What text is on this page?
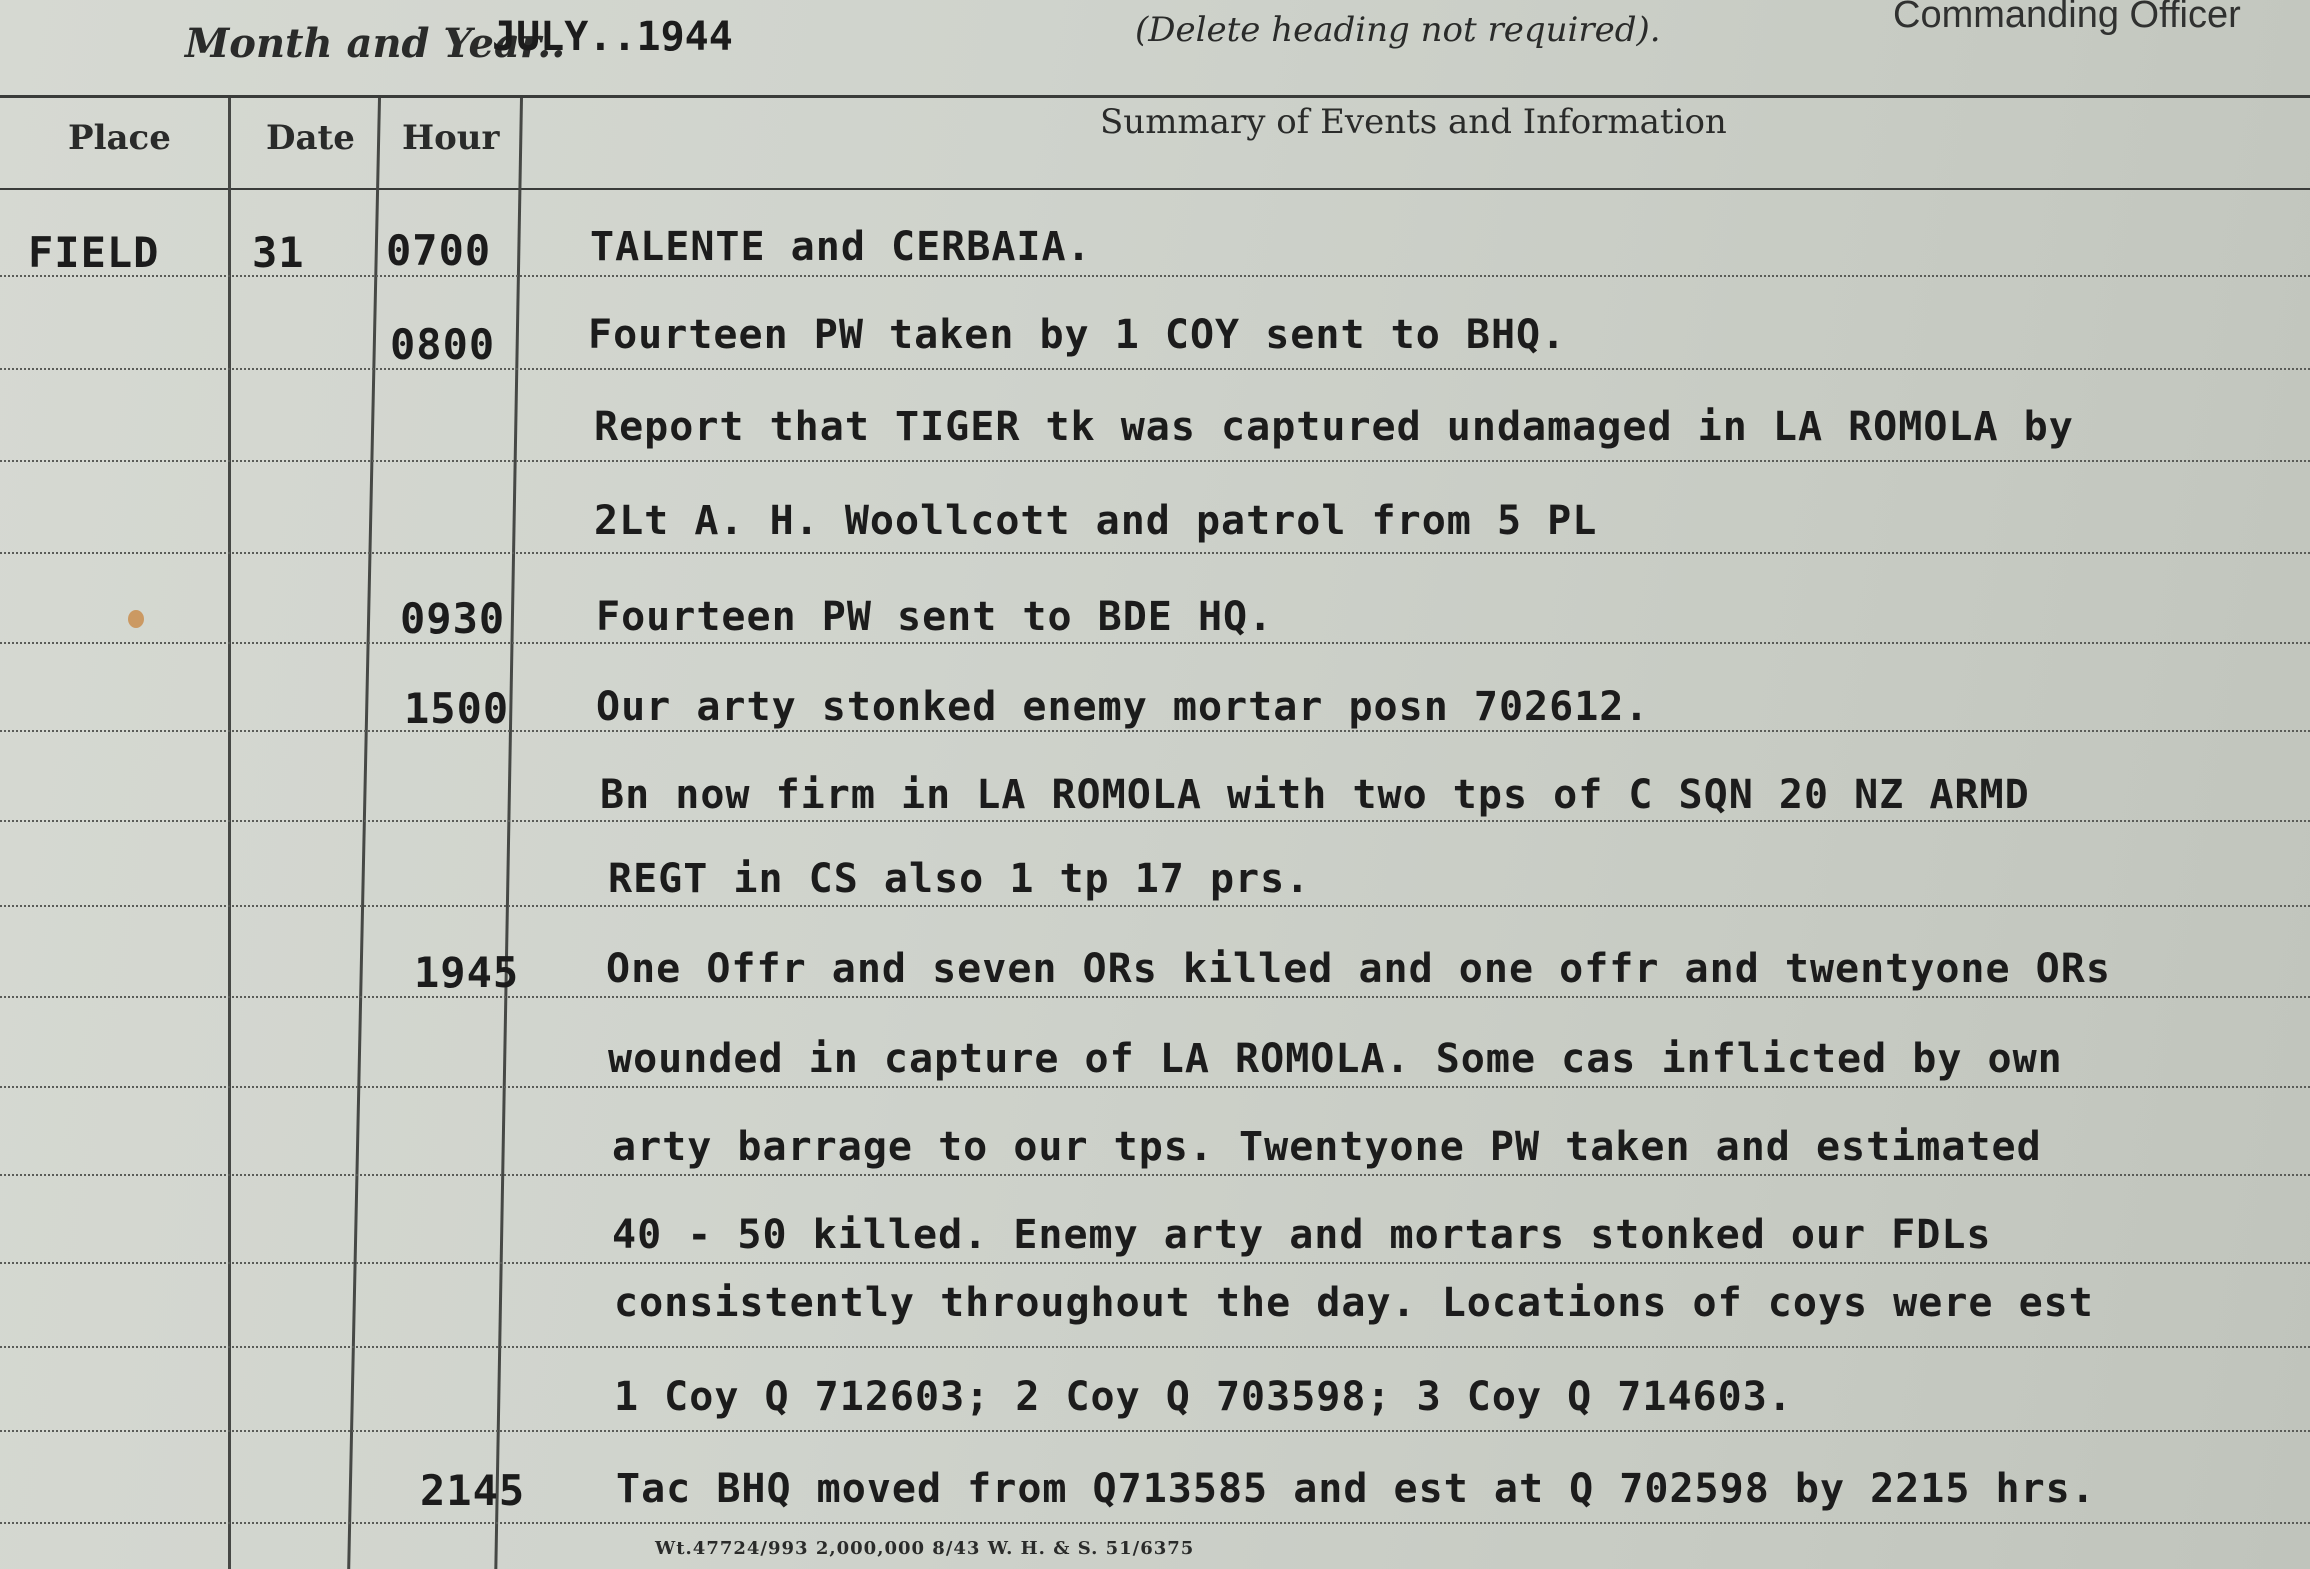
Month and Year..
JULY..1944	(Delete heading not required).	Commanding Officer
Place	Date Hour	Summary of Events and Information
FIELD 31 0700 TALENTE and CERBAIA.
0800 Fourteen PW taken by 1 COY sent to BHQ.
Report that TIGER tk was captured undamaged in LA ROMOLA by
2Lt A. H. Woollcott and patrol from 5 PL
0930 Fourteen PW sent to BDE HQ.
1500 Our arty stonked enemy mortar posn 702612.
Bn now firm in LA ROMOLA with two tps of C SQN 20 NZ ARMD
REGT in CS also 1 tp 17 prs.
1945 One Offr and seven ORs killed and one offr and twentyone ORs
wounded in capture of LA ROMOLA. Some cas inflicted by own
arty barrage to our tps. Twentyone PW taken and estimated
40 - 50 killed. Enemy arty and mortars stonked our FDLs
consistently throughout the day. Locations of coys were est
1 Coy Q 712603; 2 Coy Q 703598; 3 Coy Q 714603.
2145 Tac BHQ moved from Q713585 and est at Q 702598 by 2215 hrs.
Wt.47724/993 2,000,000 8/43 W. H. & S. 51/6375
